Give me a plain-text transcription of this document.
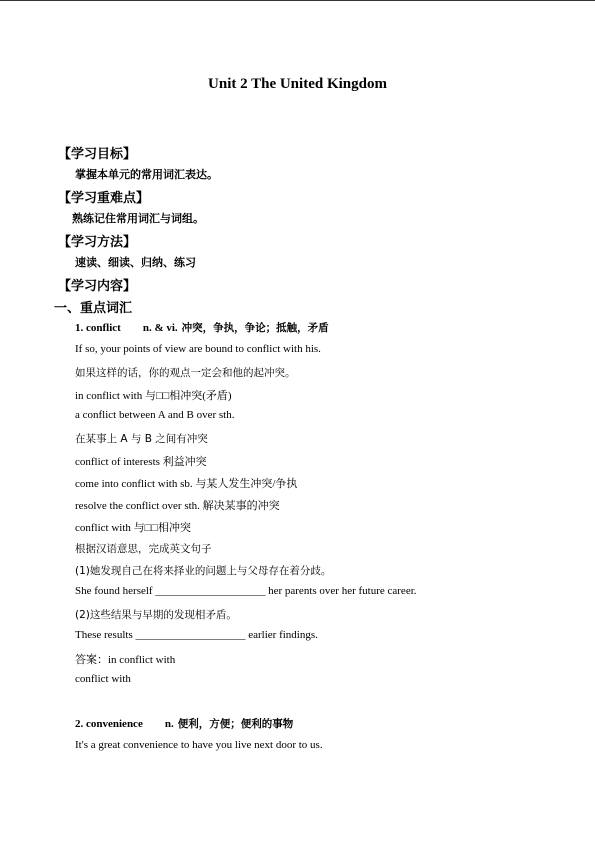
Unit 2 The United Kingdom
【学习目标】
掌握本单元的常用词汇表达。
【学习重难点】
熟练记住常用词汇与词组。
【学习方法】
速读、细读、归纳、练习
【学习内容】
一、重点词汇
1. conflict n. & vi. 冲突，争执，争论；抵触，矛盾
If so, your points of view are bound to conflict with his.
如果这样的话，你的观点一定会和他的起冲突。
in conflict with 与□□相冲突(矛盾)
a conflict between A and B over sth.
在某事上 A 与 B 之间有冲突
conflict of interests 利益冲突
come into conflict with sb. 与某人发生冲突/争执
resolve the conflict over sth. 解决某事的冲突
conflict with 与□□相冲突
根据汉语意思，完成英文句子
(1)她发现自己在将来择业的问题上与父母存在着分歧。
She found herself ____________________ her parents over her future career.
(2)这些结果与早期的发现相矛盾。
These results ____________________ earlier findings.
答案：in conflict with
conflict with
2. convenience n. 便利，方便；便利的事物
It's a great convenience to have you live next door to us.
